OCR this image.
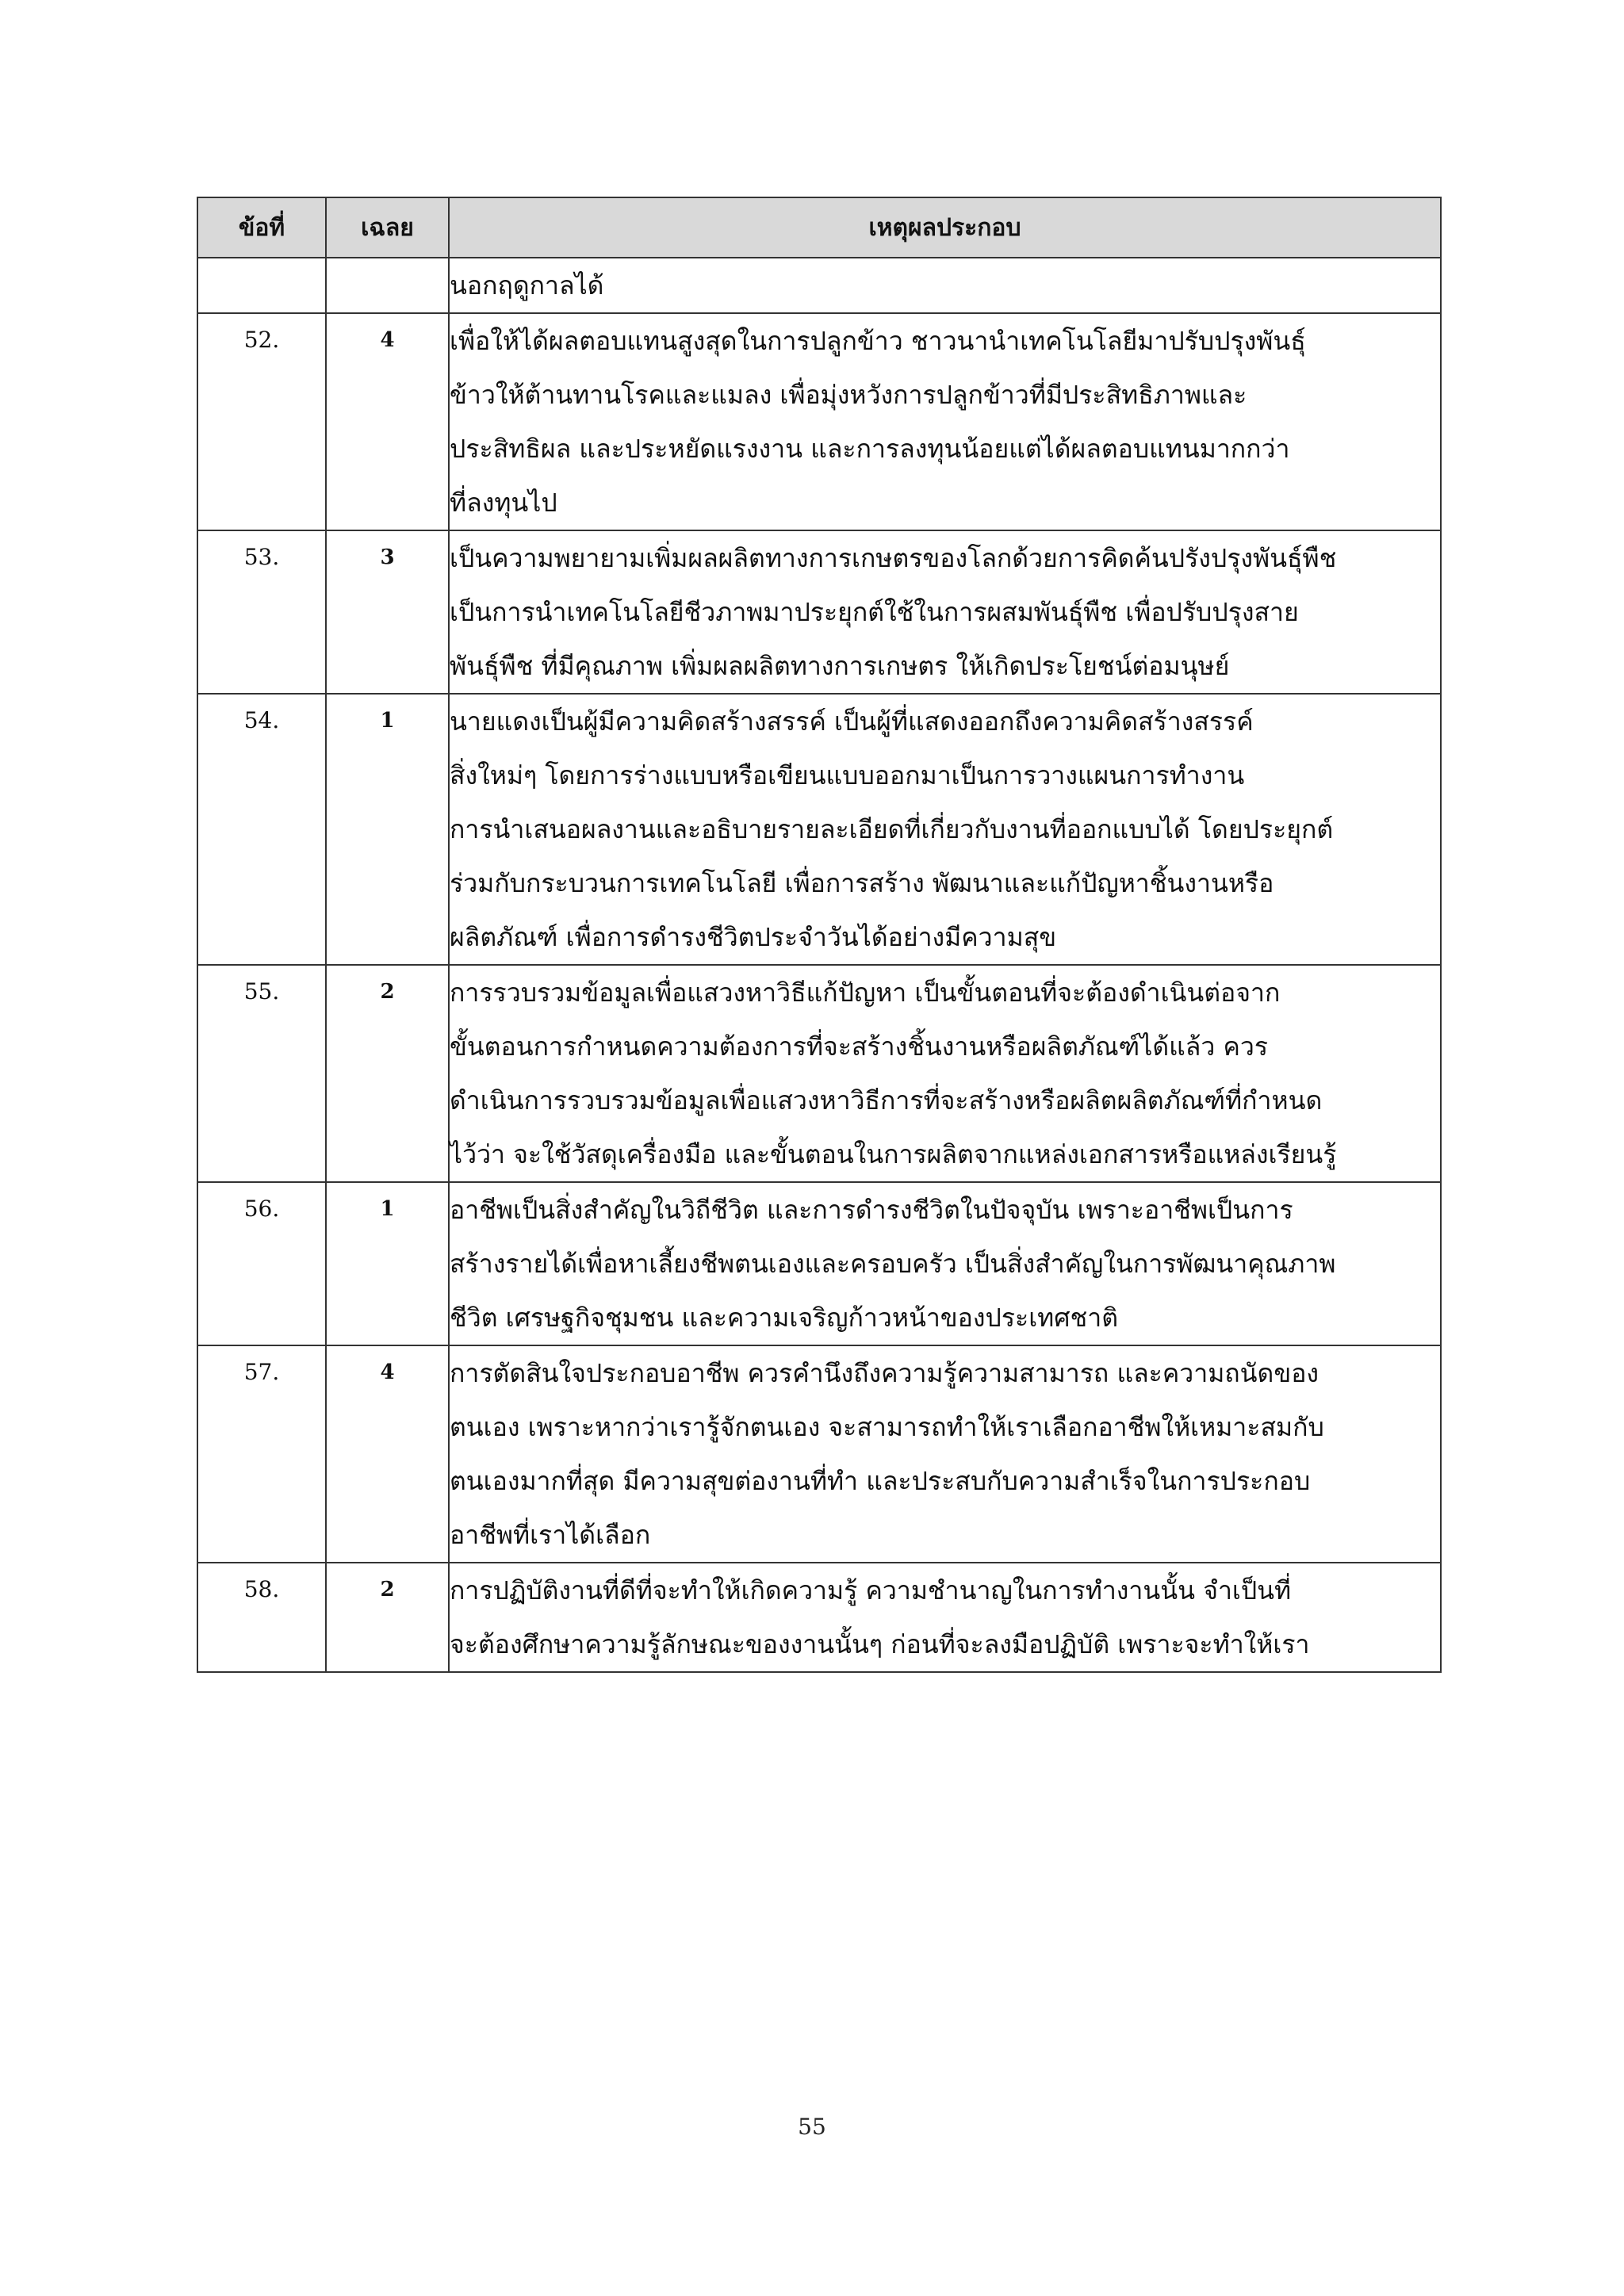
ข้อที่	เฉลย	เหตุผลประกอบ

		นอกฤดูกาลได้

52.	4	เพื่อให้ได้ผลตอบแทนสูงสุดในการปลูกข้าว ชาวนานำเทคโนโลยีมาปรับปรุงพันธุ์
ข้าวให้ต้านทานโรคและแมลง เพื่อมุ่งหวังการปลูกข้าวที่มีประสิทธิภาพและ
ประสิทธิผล และประหยัดแรงงาน และการลงทุนน้อยแต่ได้ผลตอบแทนมากกว่า
ที่ลงทุนไป

53.	3	เป็นความพยายามเพิ่มผลผลิตทางการเกษตรของโลกด้วยการคิดค้นปรังปรุงพันธุ์พืช
เป็นการนำเทคโนโลยีชีวภาพมาประยุกต์ใช้ในการผสมพันธุ์พืช เพื่อปรับปรุงสาย
พันธุ์พืช ที่มีคุณภาพ เพิ่มผลผลิตทางการเกษตร ให้เกิดประโยชน์ต่อมนุษย์

54.	1	นายแดงเป็นผู้มีความคิดสร้างสรรค์ เป็นผู้ที่แสดงออกถึงความคิดสร้างสรรค์
สิ่งใหม่ๆ โดยการร่างแบบหรือเขียนแบบออกมาเป็นการวางแผนการทำงาน
การนำเสนอผลงานและอธิบายรายละเอียดที่เกี่ยวกับงานที่ออกแบบได้ โดยประยุกต์
ร่วมกับกระบวนการเทคโนโลยี เพื่อการสร้าง พัฒนาและแก้ปัญหาชิ้นงานหรือ
ผลิตภัณฑ์ เพื่อการดำรงชีวิตประจำวันได้อย่างมีความสุข

55.	2	การรวบรวมข้อมูลเพื่อแสวงหาวิธีแก้ปัญหา เป็นขั้นตอนที่จะต้องดำเนินต่อจาก
ขั้นตอนการกำหนดความต้องการที่จะสร้างชิ้นงานหรือผลิตภัณฑ์ได้แล้ว ควร
ดำเนินการรวบรวมข้อมูลเพื่อแสวงหาวิธีการที่จะสร้างหรือผลิตผลิตภัณฑ์ที่กำหนด
ไว้ว่า จะใช้วัสดุเครื่องมือ และขั้นตอนในการผลิตจากแหล่งเอกสารหรือแหล่งเรียนรู้

56.	1	อาชีพเป็นสิ่งสำคัญในวิถีชีวิต และการดำรงชีวิตในปัจจุบัน เพราะอาชีพเป็นการ
สร้างรายได้เพื่อหาเลี้ยงชีพตนเองและครอบครัว เป็นสิ่งสำคัญในการพัฒนาคุณภาพ
ชีวิต เศรษฐกิจชุมชน และความเจริญก้าวหน้าของประเทศชาติ

57.	4	การตัดสินใจประกอบอาชีพ ควรคำนึงถึงความรู้ความสามารถ และความถนัดของ
ตนเอง เพราะหากว่าเรารู้จักตนเอง จะสามารถทำให้เราเลือกอาชีพให้เหมาะสมกับ
ตนเองมากที่สุด มีความสุขต่องานที่ทำ และประสบกับความสำเร็จในการประกอบ
อาชีพที่เราได้เลือก

58.	2	การปฏิบัติงานที่ดีที่จะทำให้เกิดความรู้ ความชำนาญในการทำงานนั้น จำเป็นที่
จะต้องศึกษาความรู้ลักษณะของงานนั้นๆ ก่อนที่จะลงมือปฏิบัติ เพราะจะทำให้เรา
55
